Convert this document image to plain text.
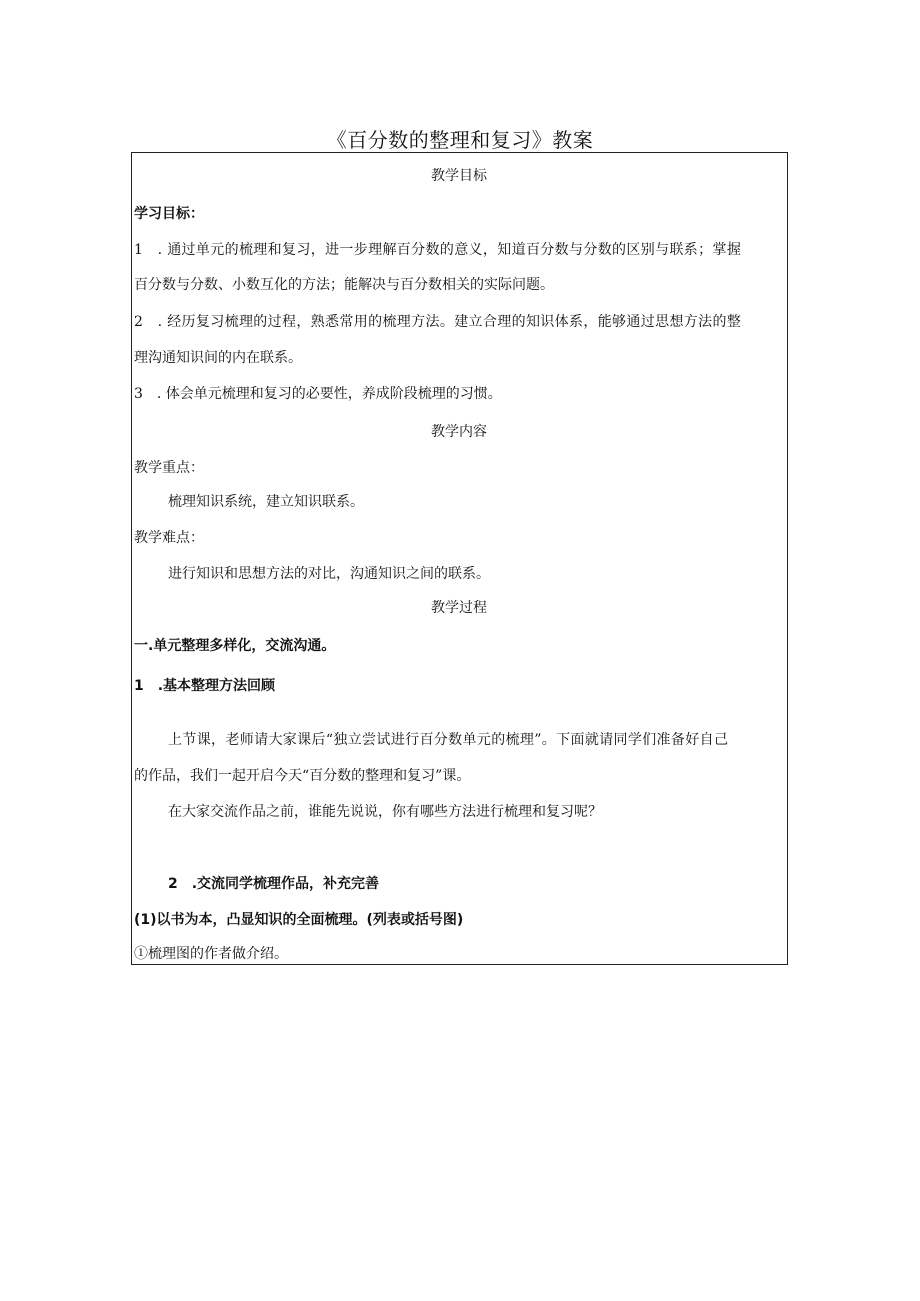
《百分数的整理和复习》教案
教学目标
学习目标：
1　. 通过单元的梳理和复习，进一步理解百分数的意义，知道百分数与分数的区别与联系；掌握
百分数与分数、小数互化的方法；能解决与百分数相关的实际问题。
2　. 经历复习梳理的过程，熟悉常用的梳理方法。建立合理的知识体系，能够通过思想方法的整
理沟通知识间的内在联系。
3　. 体会单元梳理和复习的必要性，养成阶段梳理的习惯。
教学内容
教学重点：
梳理知识系统，建立知识联系。
教学难点：
进行知识和思想方法的对比，沟通知识之间的联系。
教学过程
一.单元整理多样化，交流沟通。
1　.基本整理方法回顾
上节课，老师请大家课后“独立尝试进行百分数单元的梳理”。下面就请同学们准备好自己
的作品，我们一起开启今天“百分数的整理和复习”课。
在大家交流作品之前，谁能先说说，你有哪些方法进行梳理和复习呢？
2　.交流同学梳理作品，补充完善
(1)以书为本，凸显知识的全面梳理。(列表或括号图)
①梳理图的作者做介绍。
